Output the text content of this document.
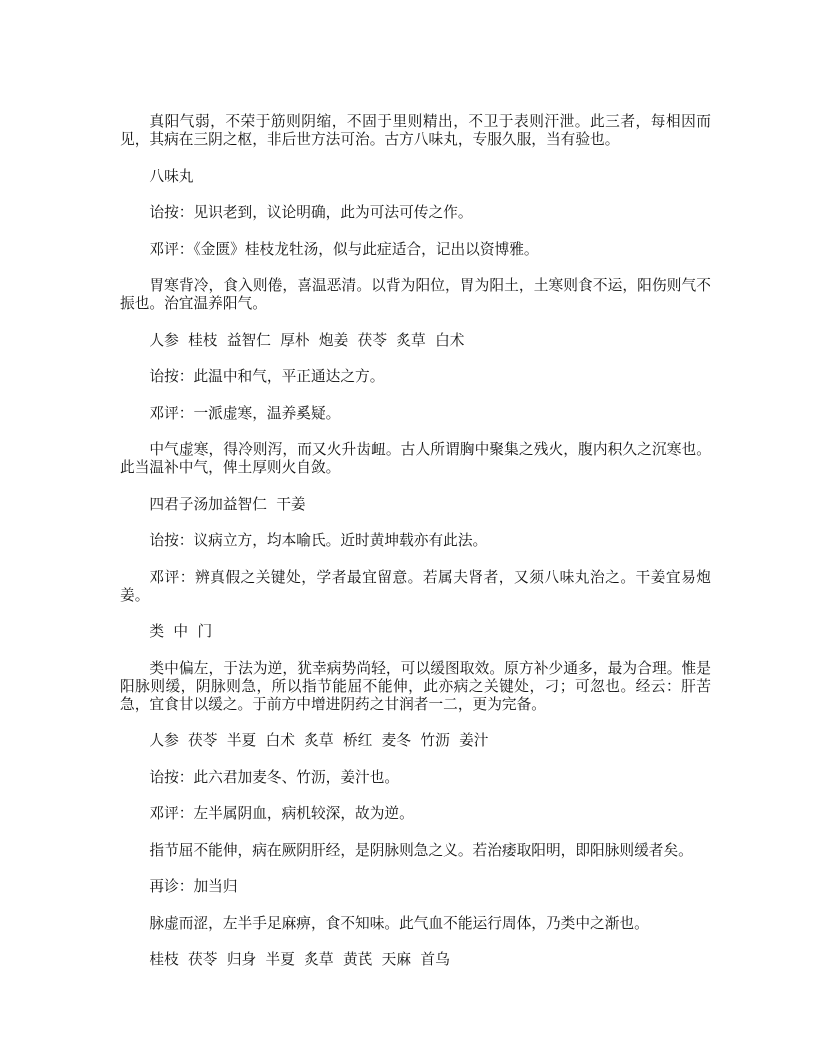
真阳气弱，不荣于筋则阴缩，不固于里则精出，不卫于表则汗泄。此三者，每相因而见，其病在三阴之枢，非后世方法可治。古方八味丸，专服久服，当有验也。

八味丸

诒按：见识老到，议论明确，此为可法可传之作。

邓评：《金匮》桂枝龙牡汤，似与此症适合，记出以资博雅。

胃寒背冷，食入则倦，喜温恶清。以背为阳位，胃为阳土，土寒则食不运，阳伤则气不振也。治宜温养阳气。

人参  桂枝  益智仁  厚朴  炮姜  茯苓  炙草  白术

诒按：此温中和气，平正通达之方。

邓评：一派虚寒，温养奚疑。

中气虚寒，得冷则泻，而又火升齿衄。古人所谓胸中聚集之残火，腹内积久之沉寒也。此当温补中气，俾土厚则火自敛。

四君子汤加益智仁  干姜

诒按：议病立方，均本喻氏。近时黄坤载亦有此法。

邓评：辨真假之关键处，学者最宜留意。若属夫肾者，又须八味丸治之。干姜宜易炮姜。

类  中  门

类中偏左，于法为逆，犹幸病势尚轻，可以缓图取效。原方补少通多，最为合理。惟是阳脉则缓，阴脉则急，所以指节能屈不能伸，此亦病之关键处，刁；可忽也。经云：肝苦急，宜食甘以缓之。于前方中增进阴药之甘润者一二，更为完备。

人参  茯苓  半夏  白术  炙草  桥红  麦冬  竹沥  姜汁

诒按：此六君加麦冬、竹沥，姜汁也。

邓评：左半属阴血，病机较深，故为逆。

指节屈不能伸，病在厥阴肝经，是阴脉则急之义。若治痿取阳明，即阳脉则缓者矣。

再诊：加当归

脉虚而涩，左半手足麻痹，食不知味。此气血不能运行周体，乃类中之渐也。

桂枝  茯苓  归身  半夏  炙草  黄芪  天麻  首乌
